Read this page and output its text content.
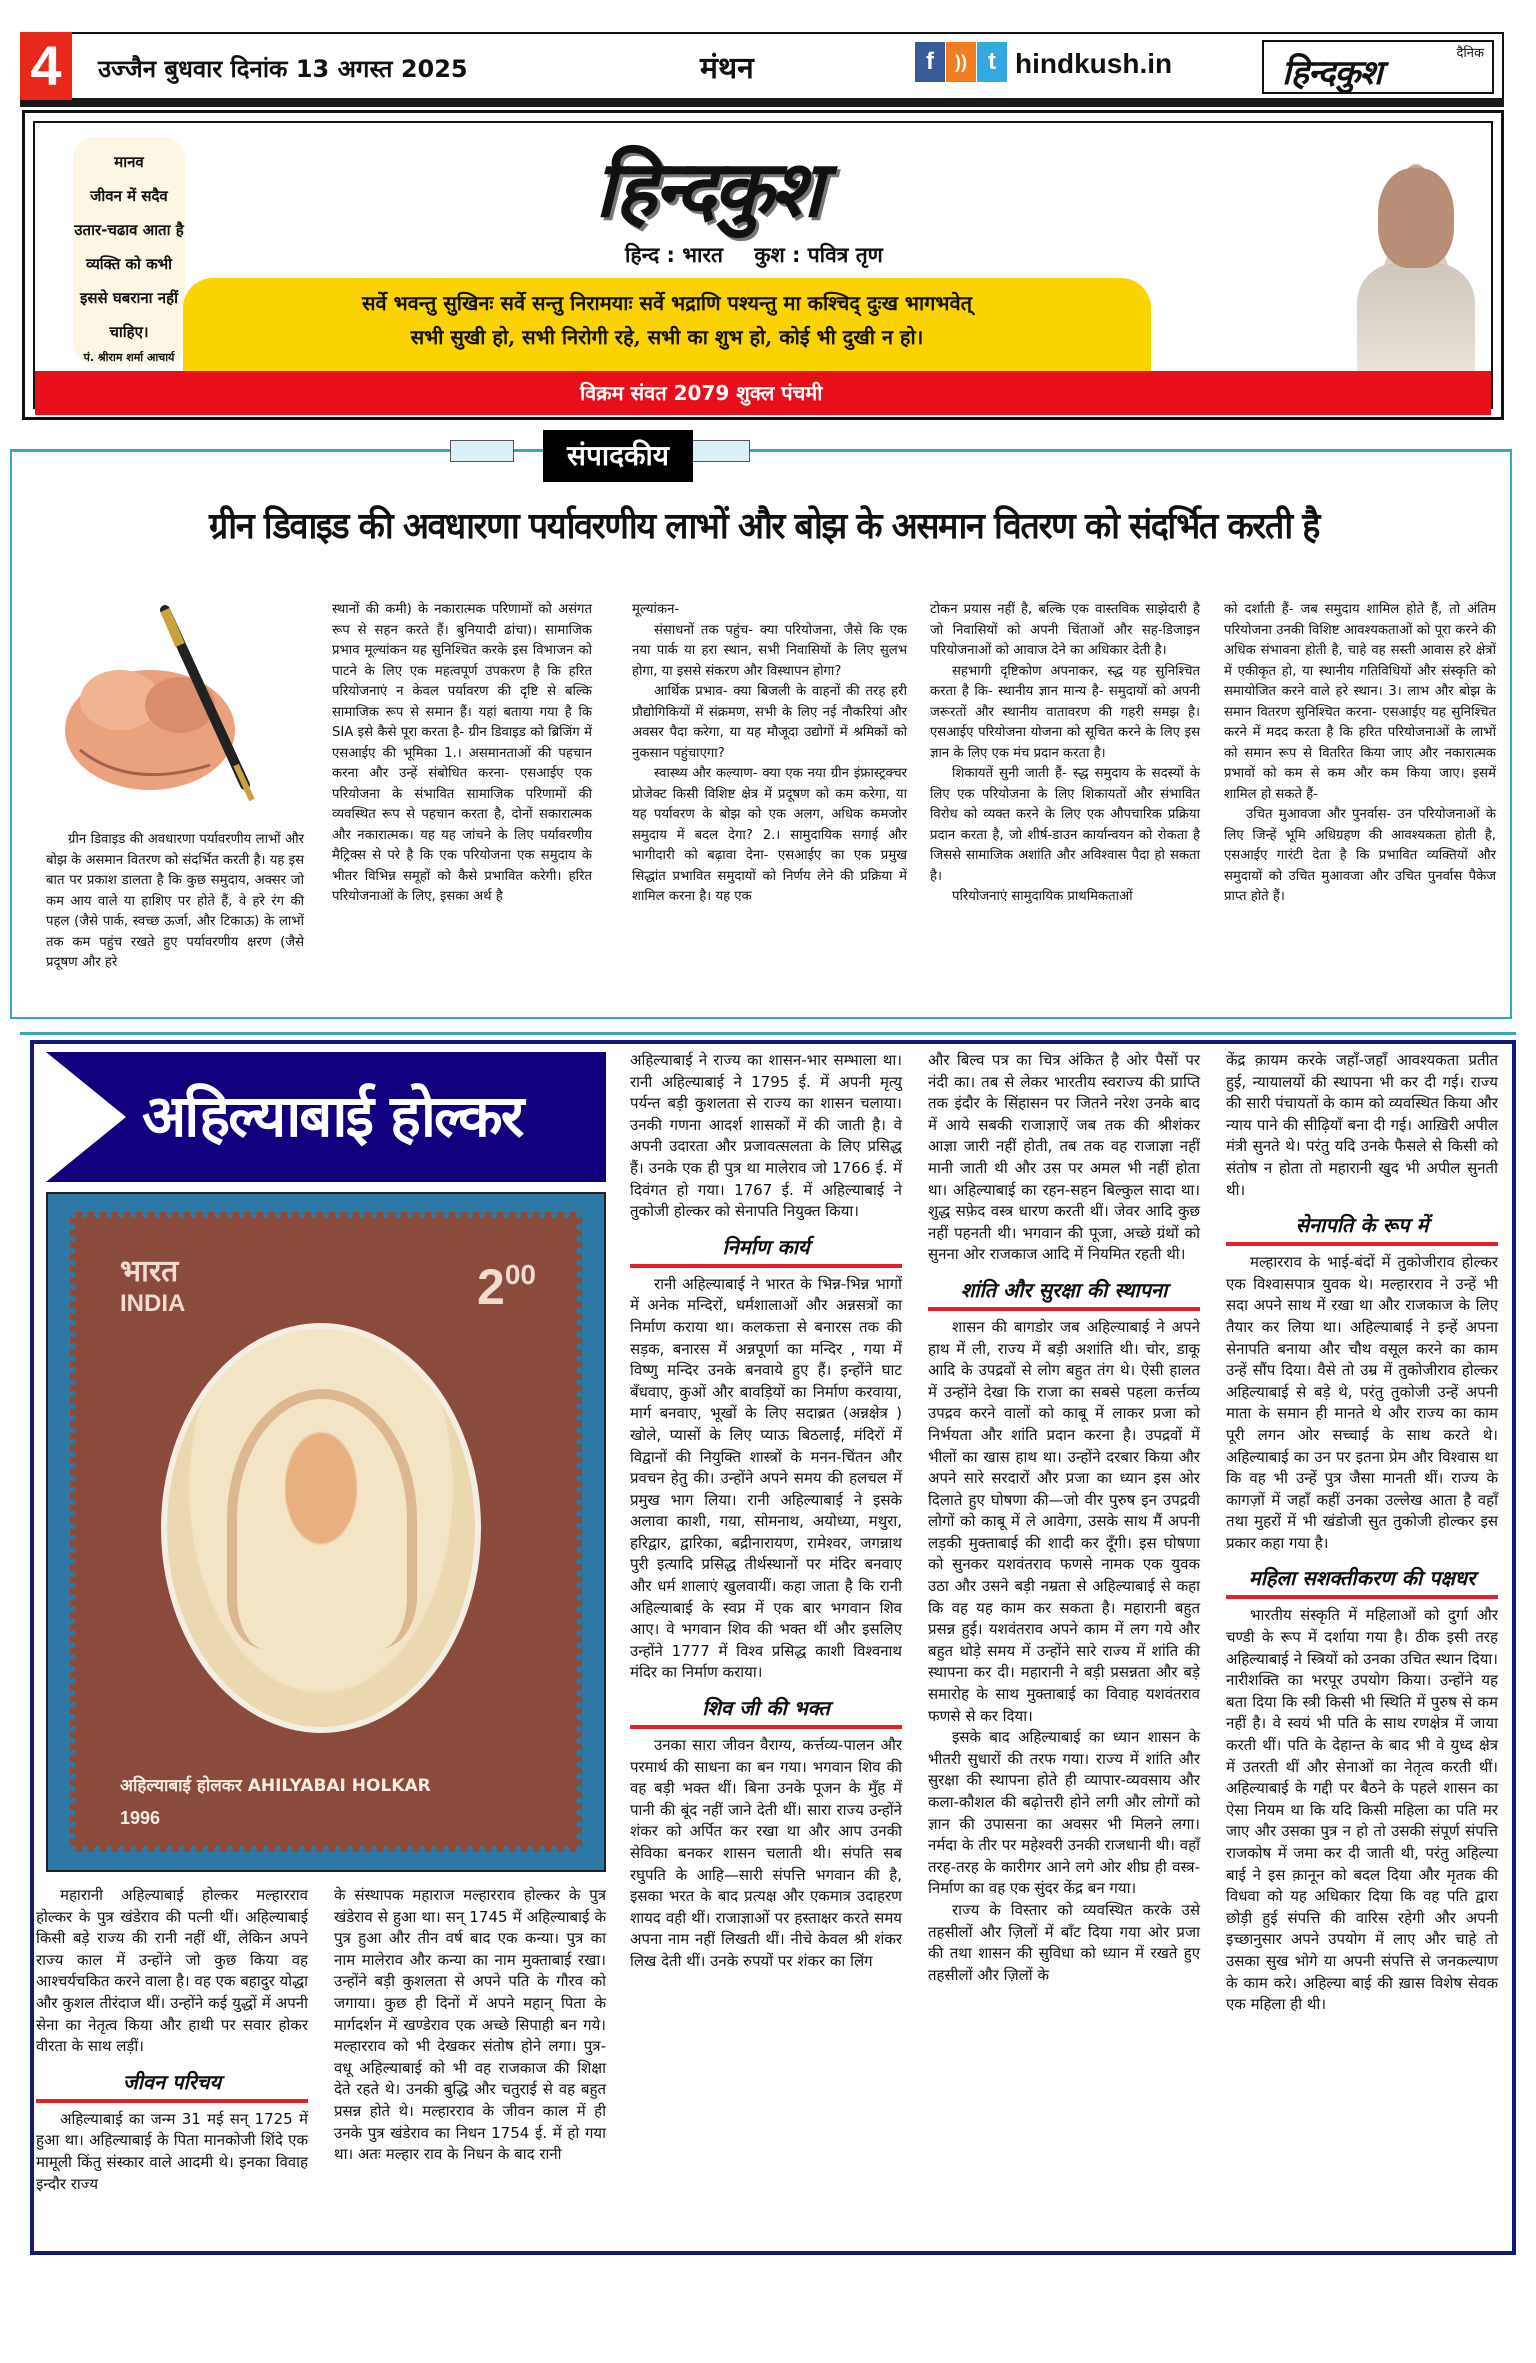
4	उज्जैन बुधवार दिनांक 13 अगस्त 2025	मंथन	f	)) t hindkush.in	दैनिक
हिन्दकुश

मानव

जीवन में सदैव

उतार-चढाव आता है

व्यक्ति को कभी

इससे घबराना नहीं

चाहिए।

पं. श्रीराम शर्मा आचार्य

हिन्दकुश
हिन्द : भारत कुश : पवित्र तृण

सर्वे भवन्तु सुखिनः सर्वे सन्तु निरामयाः सर्वे भद्राणि पश्यन्तु मा कश्चिद् दुःख भागभवेत्

सभी सुखी हो, सभी निरोगी रहे, सभी का शुभ हो, कोई भी दुखी न हो।

विक्रम संवत 2079 शुक्ल पंचमी
संपादकीय
ग्रीन डिवाइड की अवधारणा पर्यावरणीय लाभों और बोझ के असमान वितरण को संदर्भित करती है

ग्रीन डिवाइड की अवधारणा पर्यावरणीय लाभों और बोझ के असमान वितरण को संदर्भित करती है। यह इस बात पर प्रकाश डालता है कि कुछ समुदाय, अक्सर जो कम आय वाले या हाशिए पर होते हैं, वे हरे रंग की पहल (जैसे पार्क, स्वच्छ ऊर्जा, और टिकाऊ) के लाभों तक कम पहुंच रखते हुए पर्यावरणीय क्षरण (जैसे प्रदूषण और हरे

स्थानों की कमी) के नकारात्मक परिणामों को असंगत रूप से सहन करते हैं। बुनियादी ढांचा)। सामाजिक प्रभाव मूल्यांकन यह सुनिश्चित करके इस विभाजन को पाटने के लिए एक महत्वपूर्ण उपकरण है कि हरित परियोजनाएं न केवल पर्यावरण की दृष्टि से बल्कि सामाजिक रूप से समान हैं। यहां बताया गया है कि SIA इसे कैसे पूरा करता है- ग्रीन डिवाइड को ब्रिजिंग में एसआईए की भूमिका 1.। असमानताओं की पहचान करना और उन्हें संबोधित करना- एसआईए एक परियोजना के संभावित सामाजिक परिणामों की व्यवस्थित रूप से पहचान करता है, दोनों सकारात्मक और नकारात्मक। यह यह जांचने के लिए पर्यावरणीय मैट्रिक्स से परे है कि एक परियोजना एक समुदाय के भीतर विभिन्न समूहों को कैसे प्रभावित करेगी। हरित परियोजनाओं के लिए, इसका अर्थ है

मूल्यांकन-

संसाधनों तक पहुंच- क्या परियोजना, जैसे कि एक नया पार्क या हरा स्थान, सभी निवासियों के लिए सुलभ होगा, या इससे संकरण और विस्थापन होगा?

आर्थिक प्रभाव- क्या बिजली के वाहनों की तरह हरी प्रौद्योगिकियों में संक्रमण, सभी के लिए नई नौकरियां और अवसर पैदा करेगा, या यह मौजूदा उद्योगों में श्रमिकों को नुकसान पहुंचाएगा?

स्वास्थ्य और कल्याण- क्या एक नया ग्रीन इंफ्रास्ट्रक्चर प्रोजेक्ट किसी विशिष्ट क्षेत्र में प्रदूषण को कम करेगा, या यह पर्यावरण के बोझ को एक अलग, अधिक कमजोर समुदाय में बदल देगा? 2.। सामुदायिक सगाई और भागीदारी को बढ़ावा देना- एसआईए का एक प्रमुख सिद्धांत प्रभावित समुदायों को निर्णय लेने की प्रक्रिया में शामिल करना है। यह एक

टोकन प्रयास नहीं है, बल्कि एक वास्तविक साझेदारी है जो निवासियों को अपनी चिंताओं और सह-डिजाइन परियोजनाओं को आवाज देने का अधिकार देती है।

सहभागी दृष्टिकोण अपनाकर, स्द्ध यह सुनिश्चित करता है कि- स्थानीय ज्ञान मान्य है- समुदायों को अपनी जरूरतों और स्थानीय वातावरण की गहरी समझ है। एसआईए परियोजना योजना को सूचित करने के लिए इस ज्ञान के लिए एक मंच प्रदान करता है।

शिकायतें सुनी जाती हैं- स्द्ध समुदाय के सदस्यों के लिए एक परियोजना के लिए शिकायतों और संभावित विरोध को व्यक्त करने के लिए एक औपचारिक प्रक्रिया प्रदान करता है, जो शीर्ष-डाउन कार्यान्वयन को रोकता है जिससे सामाजिक अशांति और अविश्वास पैदा हो सकता है।

परियोजनाएं सामुदायिक प्राथमिकताओं

को दर्शाती हैं- जब समुदाय शामिल होते हैं, तो अंतिम परियोजना उनकी विशिष्ट आवश्यकताओं को पूरा करने की अधिक संभावना होती है, चाहे वह सस्ती आवास हरे क्षेत्रों में एकीकृत हो, या स्थानीय गतिविधियों और संस्कृति को समायोजित करने वाले हरे स्थान। 3। लाभ और बोझ के समान वितरण सुनिश्चित करना- एसआईए यह सुनिश्चित करने में मदद करता है कि हरित परियोजनाओं के लाभों को समान रूप से वितरित किया जाए और नकारात्मक प्रभावों को कम से कम और कम किया जाए। इसमें शामिल हो सकते हैं-

उचित मुआवजा और पुनर्वास- उन परियोजनाओं के लिए जिन्हें भूमि अधिग्रहण की आवश्यकता होती है, एसआईए गारंटी देता है कि प्रभावित व्यक्तियों और समुदायों को उचित मुआवजा और उचित पुनर्वास पैकेज प्राप्त होते हैं।

अहिल्याबाई होल्कर
भारत
INDIA	$2^{00}$
अहिल्याबाई होलकर AHILYABAI HOLKAR
1996

महारानी अहिल्याबाई होल्कर मल्हारराव होल्कर के पुत्र खंडेराव की पत्नी थीं। अहिल्याबाई किसी बड़े राज्य की रानी नहीं थीं, लेकिन अपने राज्य काल में उन्होंने जो कुछ किया वह आश्चर्यचकित करने वाला है। वह एक बहादुर योद्धा और कुशल तीरंदाज थीं। उन्होंने कई युद्धों में अपनी सेना का नेतृत्व किया और हाथी पर सवार होकर वीरता के साथ लड़ीं।

जीवन परिचय

अहिल्याबाई का जन्म 31 मई सन् 1725 में हुआ था। अहिल्याबाई के पिता मानकोजी शिंदे एक मामूली किंतु संस्कार वाले आदमी थे। इनका विवाह इन्दौर राज्य

के संस्थापक महाराज मल्हारराव होल्कर के पुत्र खंडेराव से हुआ था। सन् 1745 में अहिल्याबाई के पुत्र हुआ और तीन वर्ष बाद एक कन्या। पुत्र का नाम मालेराव और कन्या का नाम मुक्ताबाई रखा। उन्होंने बड़ी कुशलता से अपने पति के गौरव को जगाया। कुछ ही दिनों में अपने महान् पिता के मार्गदर्शन में खण्डेराव एक अच्छे सिपाही बन गये। मल्हारराव को भी देखकर संतोष होने लगा। पुत्र-वधू अहिल्याबाई को भी वह राजकाज की शिक्षा देते रहते थे। उनकी बुद्धि और चतुराई से वह बहुत प्रसन्न होते थे। मल्हारराव के जीवन काल में ही उनके पुत्र खंडेराव का निधन 1754 ई. में हो गया था। अतः मल्हार राव के निधन के बाद रानी

अहिल्याबाई ने राज्य का शासन-भार सम्भाला था। रानी अहिल्याबाई ने 1795 ई. में अपनी मृत्यु पर्यन्त बड़ी कुशलता से राज्य का शासन चलाया। उनकी गणना आदर्श शासकों में की जाती है। वे अपनी उदारता और प्रजावत्सलता के लिए प्रसिद्ध हैं। उनके एक ही पुत्र था मालेराव जो 1766 ई. में दिवंगत हो गया। 1767 ई. में अहिल्याबाई ने तुकोजी होल्कर को सेनापति नियुक्त किया।

निर्माण कार्य

रानी अहिल्याबाई ने भारत के भिन्न-भिन्न भागों में अनेक मन्दिरों, धर्मशालाओं और अन्नसत्रों का निर्माण कराया था। कलकत्ता से बनारस तक की सड़क, बनारस में अन्नपूर्णा का मन्दिर , गया में विष्णु मन्दिर उनके बनवाये हुए हैं। इन्होंने घाट बँधवाए, कुओं और बावड़ियों का निर्माण करवाया, मार्ग बनवाए, भूखों के लिए सदाब्रत (अन्नक्षेत्र ) खोले, प्यासों के लिए प्याऊ बिठलाईं, मंदिरों में विद्वानों की नियुक्ति शास्त्रों के मनन-चिंतन और प्रवचन हेतु की। उन्होंने अपने समय की हलचल में प्रमुख भाग लिया। रानी अहिल्याबाई ने इसके अलावा काशी, गया, सोमनाथ, अयोध्या, मथुरा, हरिद्वार, द्वारिका, बद्रीनारायण, रामेश्वर, जगन्नाथ पुरी इत्यादि प्रसिद्ध तीर्थस्थानों पर मंदिर बनवाए और धर्म शालाएं खुलवायीं। कहा जाता है कि रानी अहिल्याबाई के स्वप्न में एक बार भगवान शिव आए। वे भगवान शिव की भक्त थीं और इसलिए उन्होंने 1777 में विश्व प्रसिद्ध काशी विश्वनाथ मंदिर का निर्माण कराया।

शिव जी की भक्त

उनका सारा जीवन वैराग्य, कर्त्तव्य-पालन और परमार्थ की साधना का बन गया। भगवान शिव की वह बड़ी भक्त थीं। बिना उनके पूजन के मुँह में पानी की बूंद नहीं जाने देती थीं। सारा राज्य उन्होंने शंकर को अर्पित कर रखा था और आप उनकी सेविका बनकर शासन चलाती थी। संपति सब रघुपति के आहि—सारी संपत्ति भगवान की है, इसका भरत के बाद प्रत्यक्ष और एकमात्र उदाहरण शायद वही थीं। राजाज्ञाओं पर हस्ताक्षर करते समय अपना नाम नहीं लिखती थीं। नीचे केवल श्री शंकर लिख देती थीं। उनके रुपयों पर शंकर का लिंग

और बिल्व पत्र का चित्र अंकित है ओर पैसों पर नंदी का। तब से लेकर भारतीय स्वराज्य की प्राप्ति तक इंदौर के सिंहासन पर जितने नरेश उनके बाद में आये सबकी राजाज्ञाऐं जब तक की श्रीशंकर आज्ञा जारी नहीं होती, तब तक वह राजाज्ञा नहीं मानी जाती थी और उस पर अमल भी नहीं होता था। अहिल्याबाई का रहन-सहन बिल्कुल सादा था। शुद्ध सफ़ेद वस्त्र धारण करती थीं। जेवर आदि कुछ नहीं पहनती थी। भगवान की पूजा, अच्छे ग्रंथों को सुनना ओर राजकाज आदि में नियमित रहती थी।

शांति और सुरक्षा की स्थापना

शासन की बागडोर जब अहिल्याबाई ने अपने हाथ में ली, राज्य में बड़ी अशांति थी। चोर, डाकू आदि के उपद्रवों से लोग बहुत तंग थे। ऐसी हालत में उन्होंने देखा कि राजा का सबसे पहला कर्त्तव्य उपद्रव करने वालों को काबू में लाकर प्रजा को निर्भयता और शांति प्रदान करना है। उपद्रवों में भीलों का खास हाथ था। उन्होंने दरबार किया और अपने सारे सरदारों और प्रजा का ध्यान इस ओर दिलाते हुए घोषणा की—जो वीर पुरुष इन उपद्रवी लोगों को काबू में ले आवेगा, उसके साथ मैं अपनी लड़की मुक्ताबाई की शादी कर दूँगी। इस घोषणा को सुनकर यशवंतराव फणसे नामक एक युवक उठा और उसने बड़ी नम्रता से अहिल्याबाई से कहा कि वह यह काम कर सकता है। महारानी बहुत प्रसन्न हुई। यशवंतराव अपने काम में लग गये और बहुत थोड़े समय में उन्होंने सारे राज्य में शांति की स्थापना कर दी। महारानी ने बड़ी प्रसन्नता और बड़े समारोह के साथ मुक्ताबाई का विवाह यशवंतराव फणसे से कर दिया।

इसके बाद अहिल्याबाई का ध्यान शासन के भीतरी सुधारों की तरफ गया। राज्य में शांति और सुरक्षा की स्थापना होते ही व्यापार-व्यवसाय और कला-कौशल की बढ़ोत्तरी होने लगी और लोगों को ज्ञान की उपासना का अवसर भी मिलने लगा। नर्मदा के तीर पर महेश्वरी उनकी राजधानी थी। वहाँ तरह-तरह के कारीगर आने लगे ओर शीघ्र ही वस्त्र-निर्माण का वह एक सुंदर केंद्र बन गया।

राज्य के विस्तार को व्यवस्थित करके उसे तहसीलों और ज़िलों में बाँट दिया गया ओर प्रजा की तथा शासन की सुविधा को ध्यान में रखते हुए तहसीलों और ज़िलों के

केंद्र क़ायम करके जहाँ-जहाँ आवश्यकता प्रतीत हुई, न्यायालयों की स्थापना भी कर दी गई। राज्य की सारी पंचायतों के काम को व्यवस्थित किया और न्याय पाने की सीढ़ियाँ बना दी गई। आख़िरी अपील मंत्री सुनते थे। परंतु यदि उनके फैसले से किसी को संतोष न होता तो महारानी खुद भी अपील सुनती थी।

सेनापति के रूप में

मल्हारराव के भाई-बंदों में तुकोजीराव होल्कर एक विश्वासपात्र युवक थे। मल्हारराव ने उन्हें भी सदा अपने साथ में रखा था और राजकाज के लिए तैयार कर लिया था। अहिल्याबाई ने इन्हें अपना सेनापति बनाया और चौथ वसूल करने का काम उन्हें सौंप दिया। वैसे तो उम्र में तुकोजीराव होल्कर अहिल्याबाई से बड़े थे, परंतु तुकोजी उन्हें अपनी माता के समान ही मानते थे और राज्य का काम पूरी लगन ओर सच्चाई के साथ करते थे। अहिल्याबाई का उन पर इतना प्रेम और विश्वास था कि वह भी उन्हें पुत्र जैसा मानती थीं। राज्य के कागज़ों में जहाँ कहीं उनका उल्लेख आता है वहाँ तथा मुहरों में भी खंडोजी सुत तुकोजी होल्कर इस प्रकार कहा गया है।

महिला सशक्तीकरण की पक्षधर

भारतीय संस्कृति में महिलाओं को दुर्गा और चण्डी के रूप में दर्शाया गया है। ठीक इसी तरह अहिल्याबाई ने स्त्रियों को उनका उचित स्थान दिया। नारीशक्ति का भरपूर उपयोग किया। उन्होंने यह बता दिया कि स्त्री किसी भी स्थिति में पुरुष से कम नहीं है। वे स्वयं भी पति के साथ रणक्षेत्र में जाया करती थीं। पति के देहान्त के बाद भी वे युध्द क्षेत्र में उतरती थीं और सेनाओं का नेतृत्व करती थीं। अहिल्याबाई के गद्दी पर बैठने के पहले शासन का ऐसा नियम था कि यदि किसी महिला का पति मर जाए और उसका पुत्र न हो तो उसकी संपूर्ण संपत्ति राजकोष में जमा कर दी जाती थी, परंतु अहिल्या बाई ने इस क़ानून को बदल दिया और मृतक की विधवा को यह अधिकार दिया कि वह पति द्वारा छोड़ी हुई संपत्ति की वारिस रहेगी और अपनी इच्छानुसार अपने उपयोग में लाए और चाहे तो उसका सुख भोगे या अपनी संपत्ति से जनकल्याण के काम करे। अहिल्या बाई की ख़ास विशेष सेवक एक महिला ही थी।
